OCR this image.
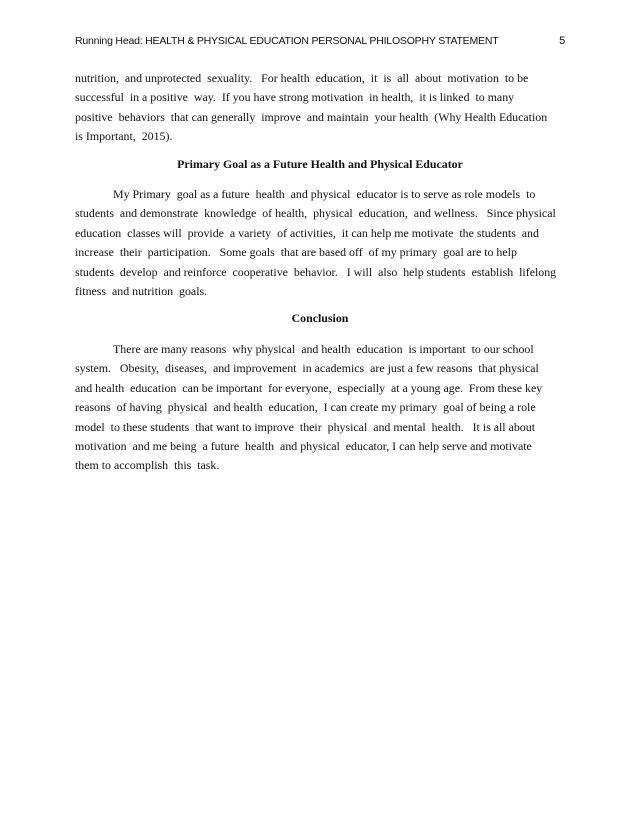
Running Head: HEALTH & PHYSICAL EDUCATION PERSONAL PHILOSOPHY STATEMENT	5

nutrition,  and unprotected  sexuality.   For health  education,  it  is  all  about  motivation  to be
successful  in a positive  way.  If you have strong motivation  in health,  it is linked  to many
positive  behaviors  that can generally  improve  and maintain  your health  (Why Health Education
is Important,  2015).

Primary Goal as a Future Health and Physical Educator

My Primary  goal as a future  health  and physical  educator is to serve as role models  to
students  and demonstrate  knowledge  of health,  physical  education,  and wellness.   Since physical
education  classes will  provide  a variety  of activities,  it can help me motivate  the students  and
increase  their  participation.   Some goals  that are based off  of my primary  goal are to help
students  develop  and reinforce  cooperative  behavior.   I will  also  help students  establish  lifelong
fitness  and nutrition  goals.

Conclusion

There are many reasons  why physical  and health  education  is important  to our school
system.   Obesity,  diseases,  and improvement  in academics  are just a few reasons  that physical
and health  education  can be important  for everyone,  especially  at a young age.  From these key
reasons  of having  physical  and health  education,  I can create my primary  goal of being a role
model  to these students  that want to improve  their  physical  and mental  health.   It is all about
motivation  and me being  a future  health  and physical  educator, I can help serve and motivate
them to accomplish  this  task.
